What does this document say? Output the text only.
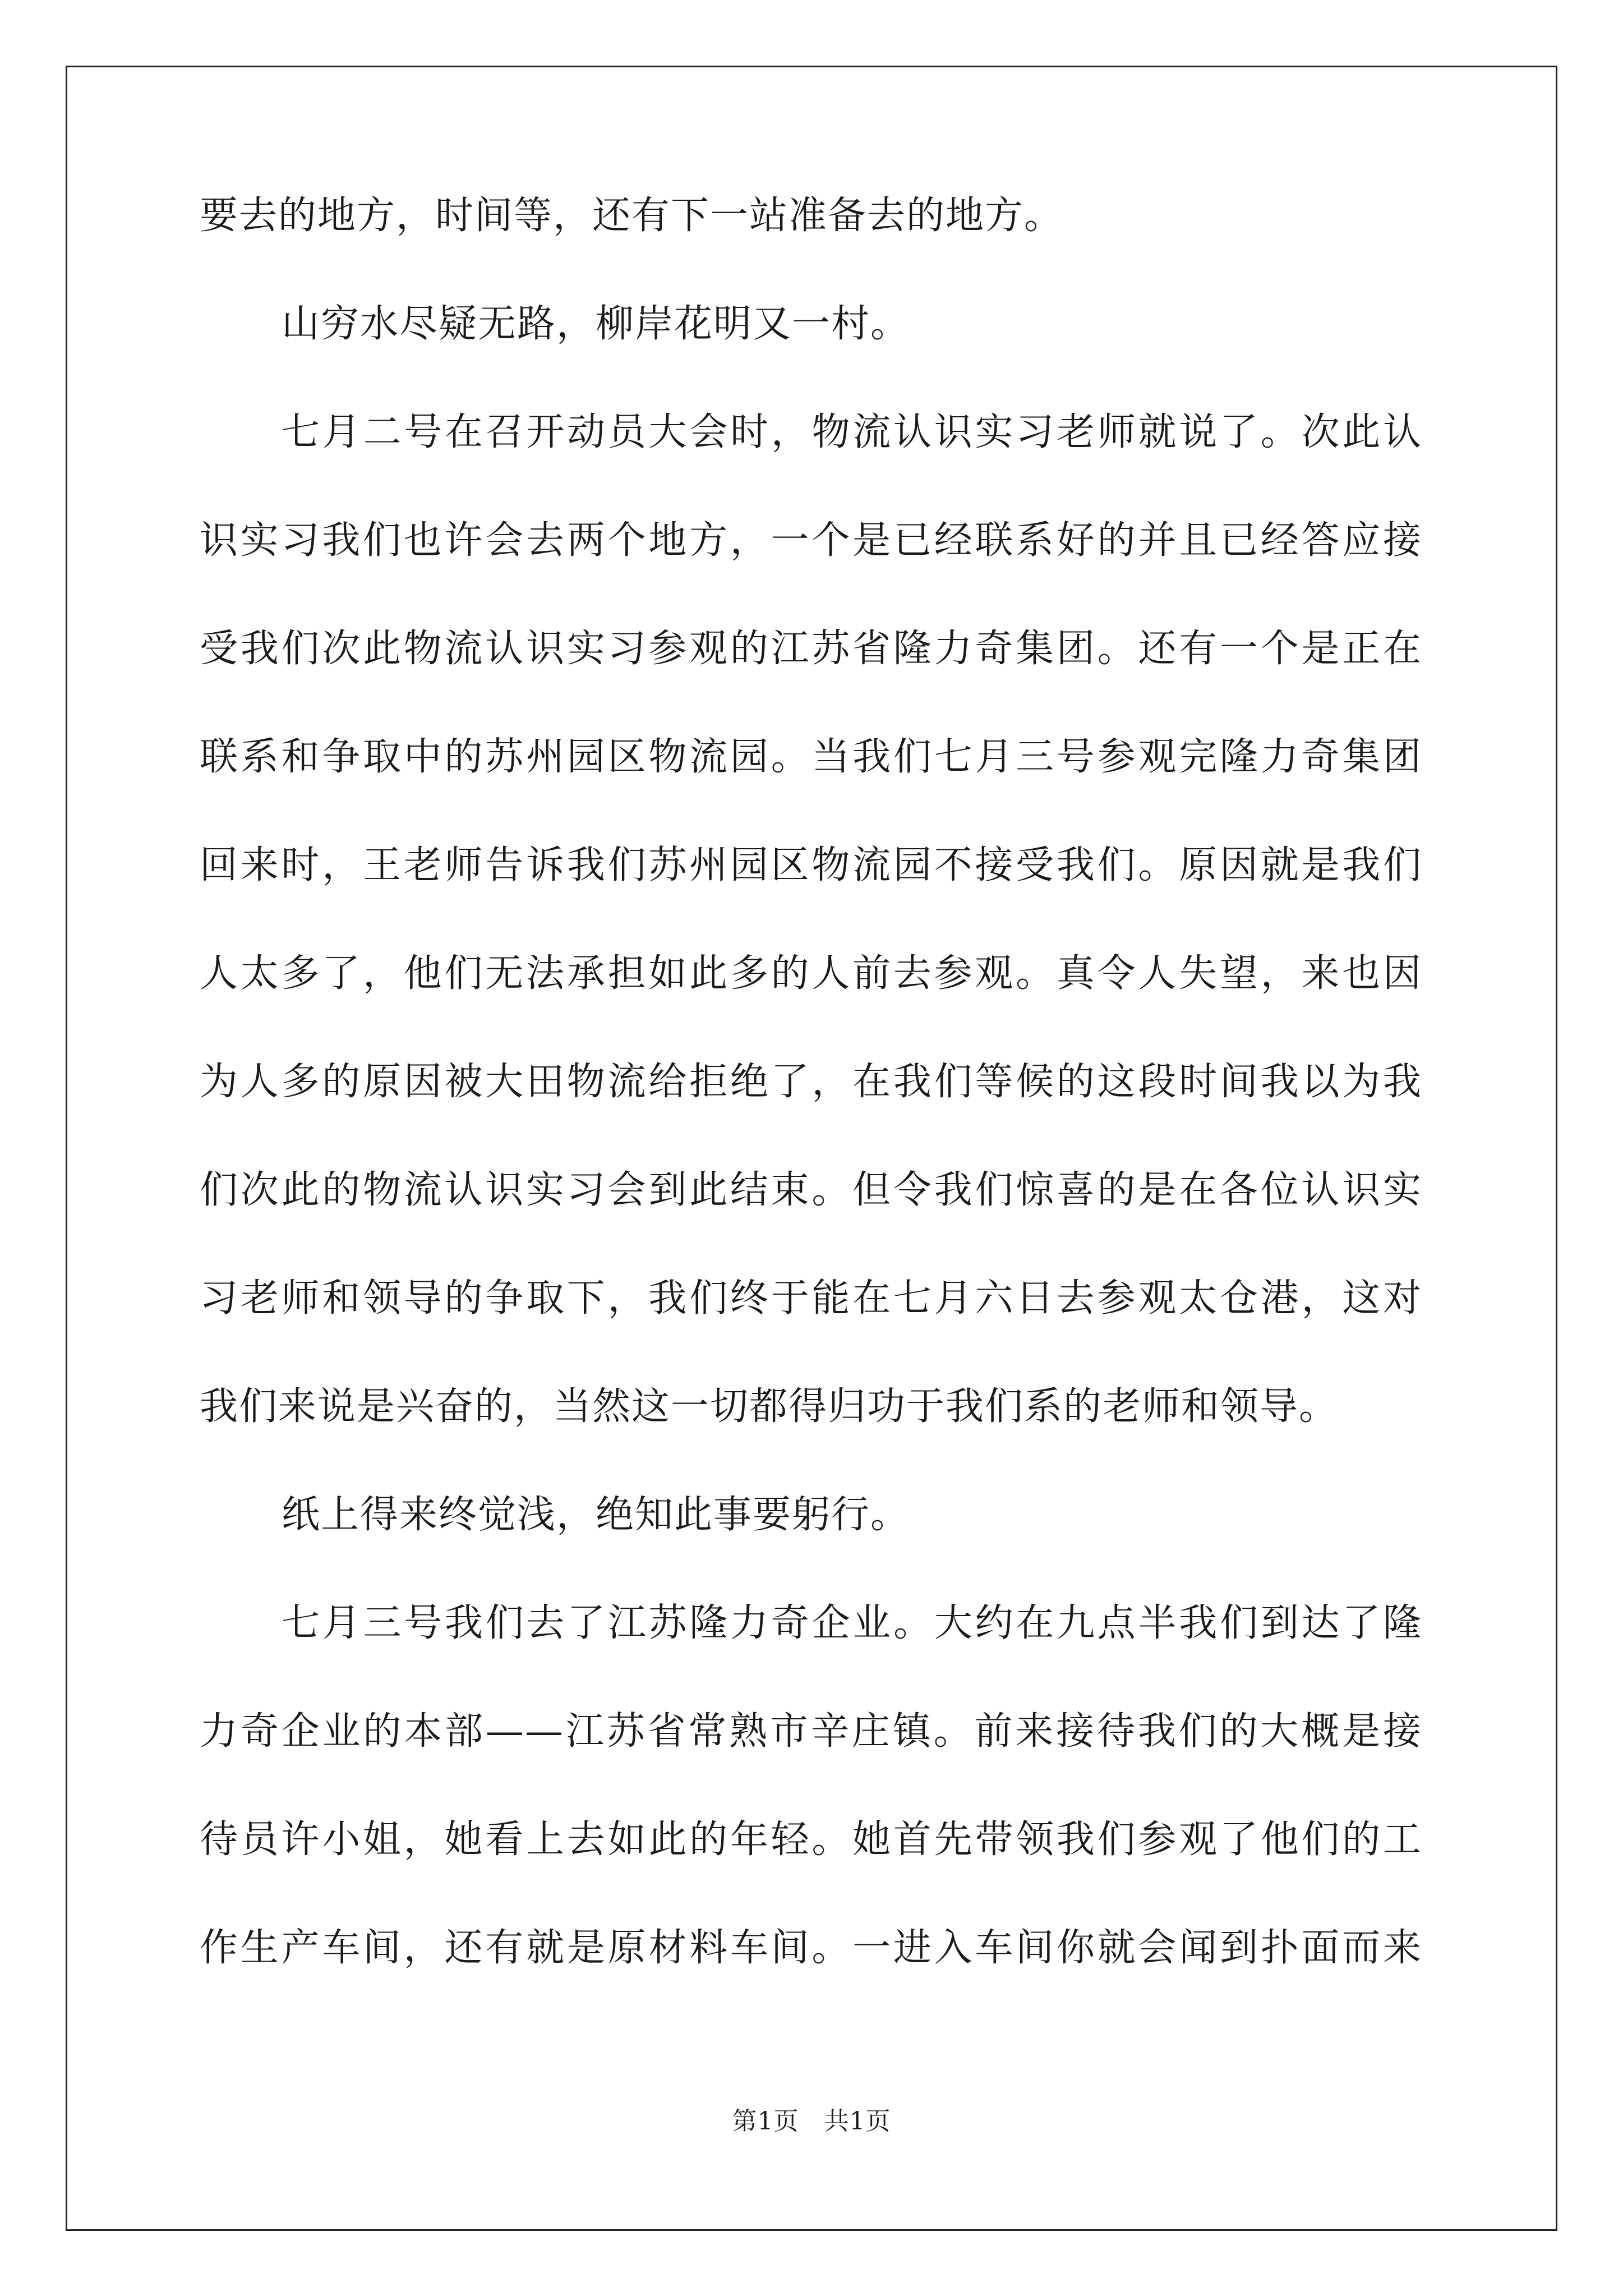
要去的地方，时间等，还有下一站准备去的地方。
山穷水尽疑无路，柳岸花明又一村。
七月二号在召开动员大会时，物流认识实习老师就说了。次此认
识实习我们也许会去两个地方，一个是已经联系好的并且已经答应接
受我们次此物流认识实习参观的江苏省隆力奇集团。还有一个是正在
联系和争取中的苏州园区物流园。当我们七月三号参观完隆力奇集团
回来时，王老师告诉我们苏州园区物流园不接受我们。原因就是我们
人太多了，他们无法承担如此多的人前去参观。真令人失望，来也因
为人多的原因被大田物流给拒绝了，在我们等候的这段时间我以为我
们次此的物流认识实习会到此结束。但令我们惊喜的是在各位认识实
习老师和领导的争取下，我们终于能在七月六日去参观太仓港，这对
我们来说是兴奋的，当然这一切都得归功于我们系的老师和领导。
纸上得来终觉浅，绝知此事要躬行。
七月三号我们去了江苏隆力奇企业。大约在九点半我们到达了隆
力奇企业的本部——江苏省常熟市辛庄镇。前来接待我们的大概是接
待员许小姐，她看上去如此的年轻。她首先带领我们参观了他们的工
作生产车间，还有就是原材料车间。一进入车间你就会闻到扑面而来
第1页　共1页
